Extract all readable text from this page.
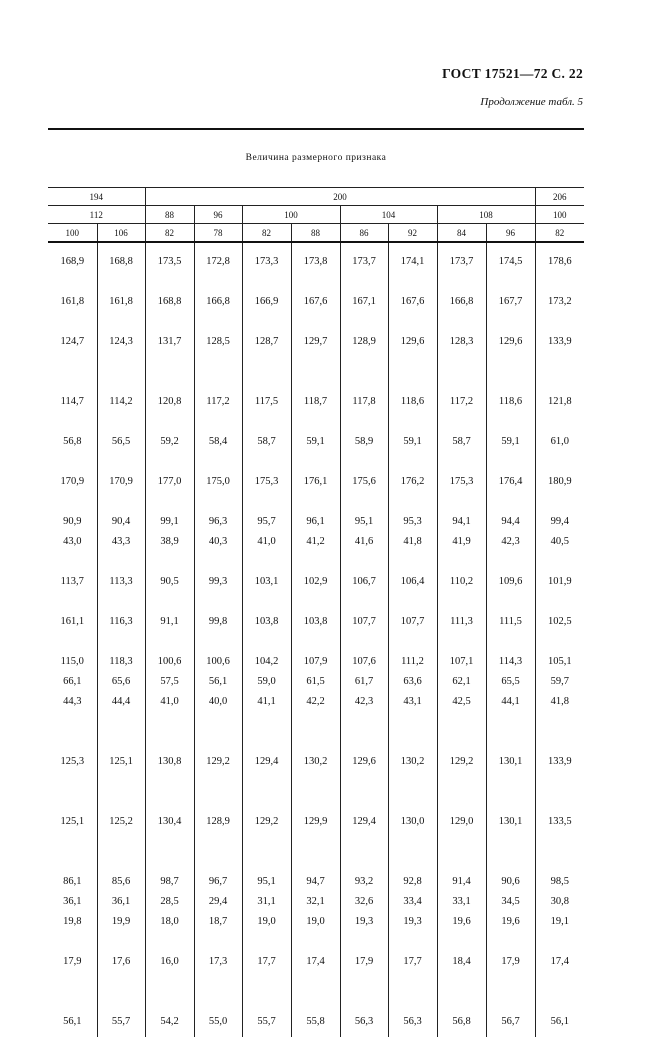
ГОСТ 17521—72 С. 22
Продолжение табл. 5
Величина размерного признака
194		200								206
112		88	96	100		104		108		100
100	106	82	78	82	88	86	92	84	96	82

168,9	168,8	173,5	172,8	173,3	173,8	173,7	174,1	173,7	174,5	178,6

161,8	161,8	168,8	166,8	166,9	167,6	167,1	167,6	166,8	167,7	173,2

124,7	124,3	131,7	128,5	128,7	129,7	128,9	129,6	128,3	129,6	133,9

114,7	114,2	120,8	117,2	117,5	118,7	117,8	118,6	117,2	118,6	121,8

56,8	56,5	59,2	58,4	58,7	59,1	58,9	59,1	58,7	59,1	61,0

170,9	170,9	177,0	175,0	175,3	176,1	175,6	176,2	175,3	176,4	180,9

90,9	90,4	99,1	96,3	95,7	96,1	95,1	95,3	94,1	94,4	99,4
43,0	43,3	38,9	40,3	41,0	41,2	41,6	41,8	41,9	42,3	40,5

113,7	113,3	90,5	99,3	103,1	102,9	106,7	106,4	110,2	109,6	101,9

161,1	116,3	91,1	99,8	103,8	103,8	107,7	107,7	111,3	111,5	102,5

115,0	118,3	100,6	100,6	104,2	107,9	107,6	111,2	107,1	114,3	105,1
66,1	65,6	57,5	56,1	59,0	61,5	61,7	63,6	62,1	65,5	59,7
44,3	44,4	41,0	40,0	41,1	42,2	42,3	43,1	42,5	44,1	41,8

125,3	125,1	130,8	129,2	129,4	130,2	129,6	130,2	129,2	130,1	133,9

125,1	125,2	130,4	128,9	129,2	129,9	129,4	130,0	129,0	130,1	133,5

86,1	85,6	98,7	96,7	95,1	94,7	93,2	92,8	91,4	90,6	98,5
36,1	36,1	28,5	29,4	31,1	32,1	32,6	33,4	33,1	34,5	30,8
19,8	19,9	18,0	18,7	19,0	19,0	19,3	19,3	19,6	19,6	19,1

17,9	17,6	16,0	17,3	17,7	17,4	17,9	17,7	18,4	17,9	17,4

56,1	55,7	54,2	55,0	55,7	55,8	56,3	56,3	56,8	56,7	56,1
